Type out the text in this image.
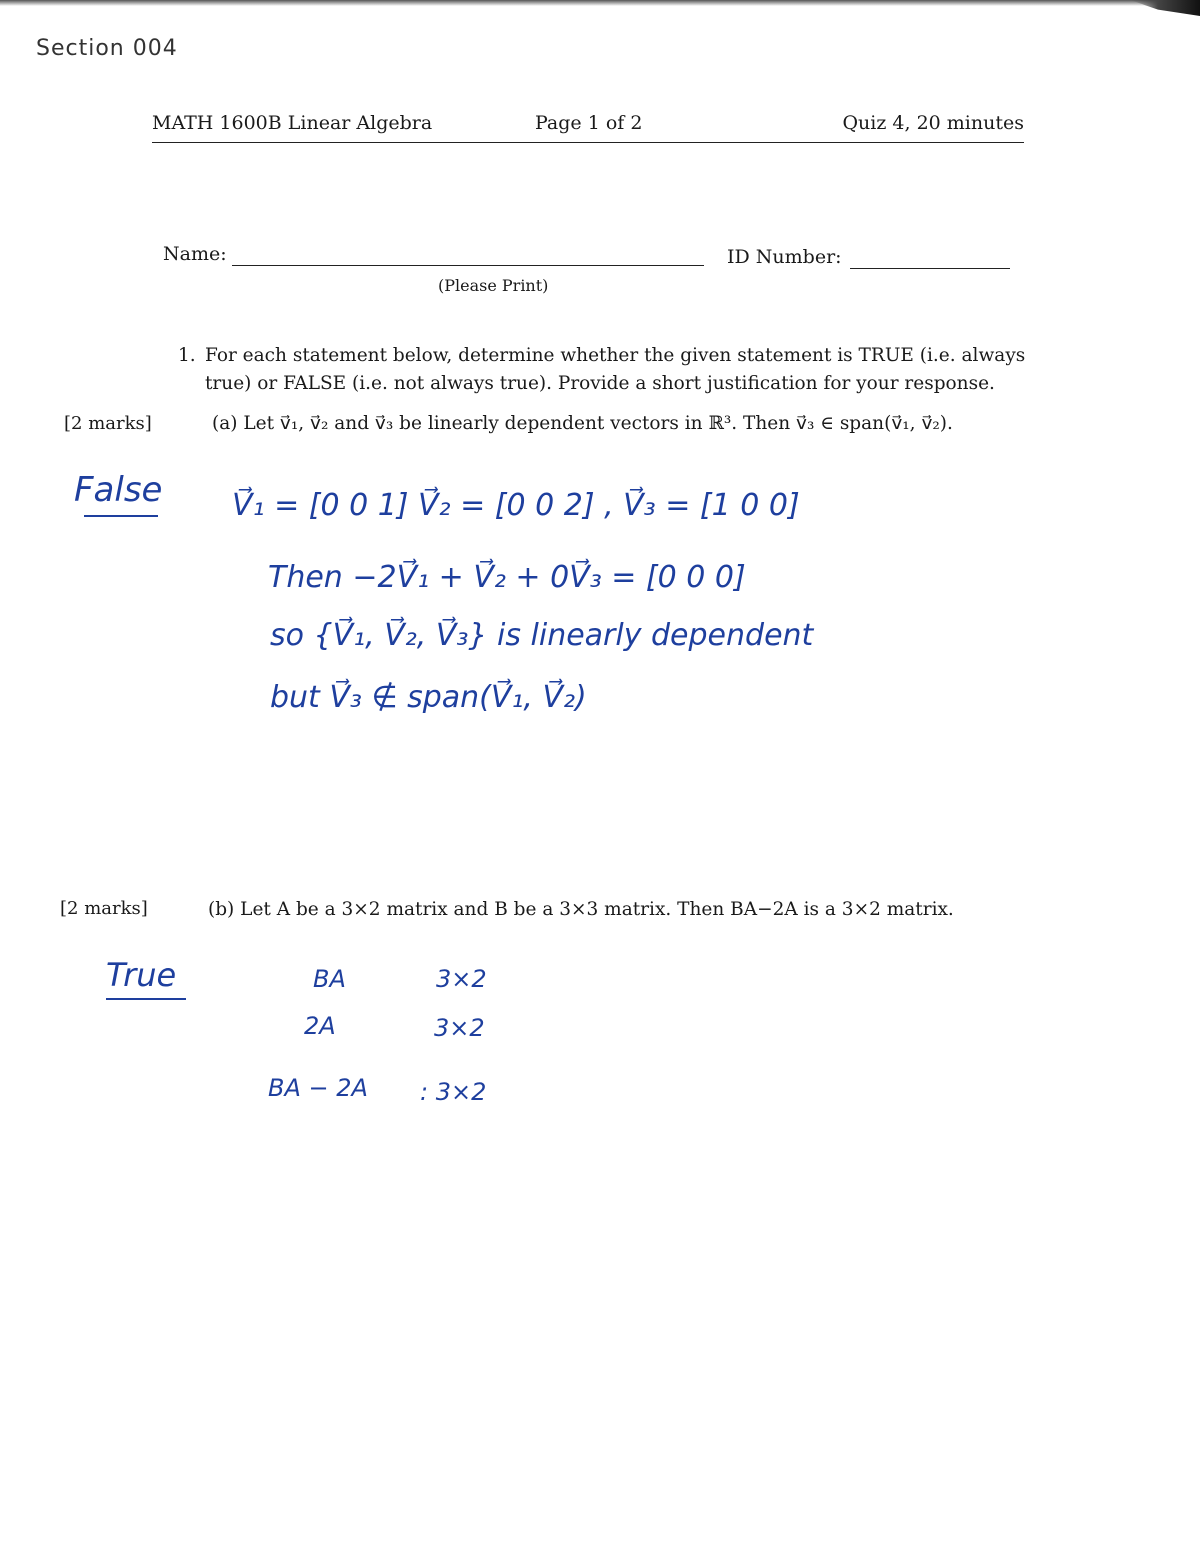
Section 004
MATH 1600B Linear Algebra	Page 1 of 2	Quiz 4, 20 minutes
Name:
(Please Print)
ID Number:
1. For each statement below, determine whether the given statement is TRUE (i.e. always
true) or FALSE (i.e. not always true). Provide a short justification for your response.
[2 marks]	(a) Let v⃗₁, v⃗₂ and v⃗₃ be linearly dependent vectors in ℝ³. Then v⃗₃ ∈ span(v⃗₁, v⃗₂).
False V⃗₁ = [0 0 1] V⃗₂ = [0 0 2] , V⃗₃ = [1 0 0]
Then −2V⃗₁ + V⃗₂ + 0V⃗₃ = [0 0 0]
so {V⃗₁, V⃗₂, V⃗₃} is linearly dependent
but V⃗₃ ∉ span(V⃗₁, V⃗₂)
[2 marks]	(b) Let A be a 3×2 matrix and B be a 3×3 matrix. Then BA−2A is a 3×2 matrix.
True	BA	3×2
2A	3×2
BA − 2A : 3×2
